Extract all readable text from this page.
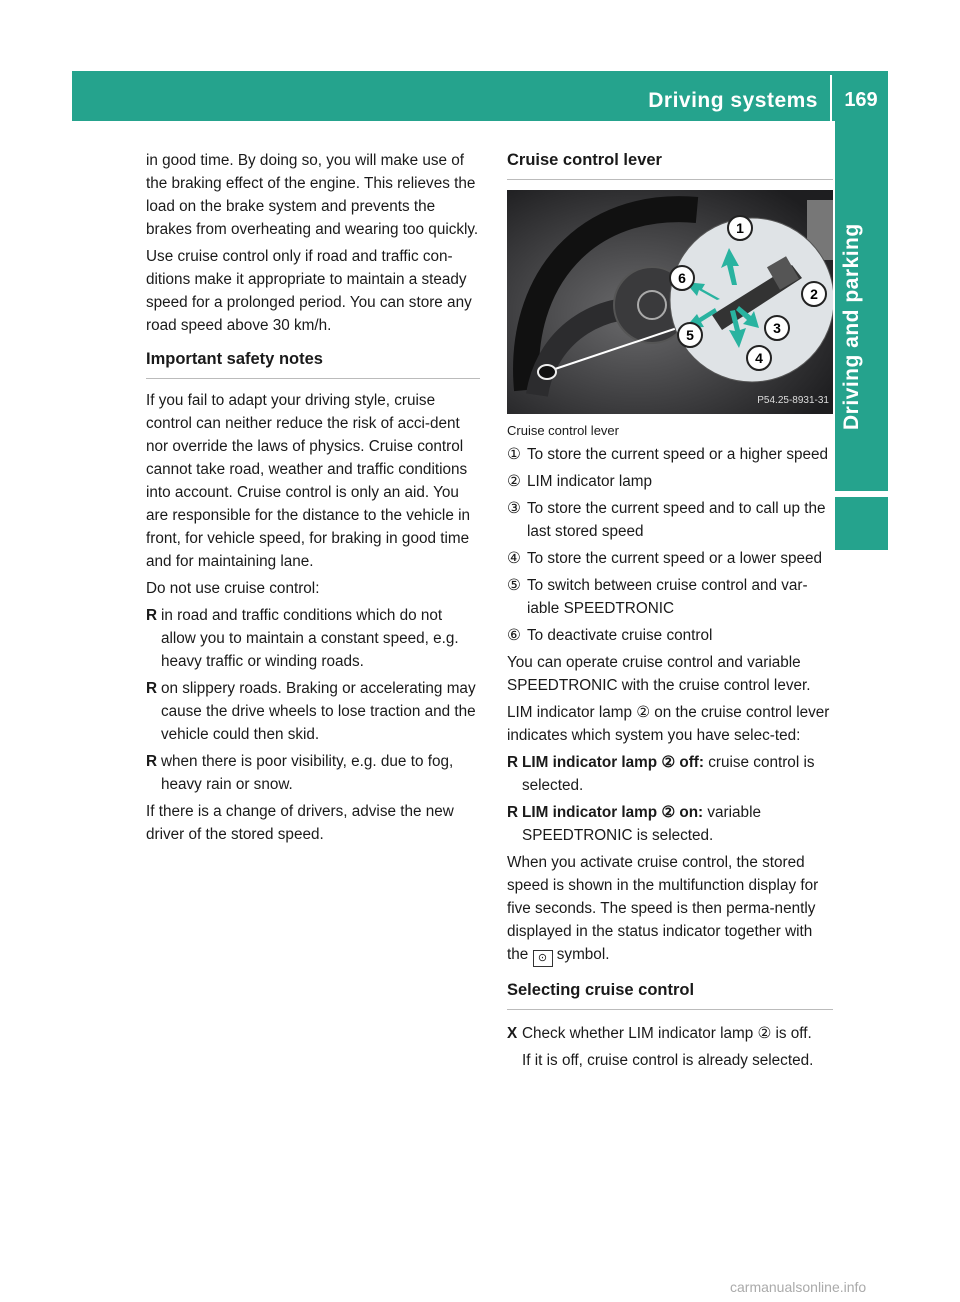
Driving systems	169
Driving and parking

in good time. By doing so, you will make use of the braking effect of the engine. This relieves the load on the brake system and prevents the brakes from overheating and wearing too quickly.

Use cruise control only if road and traffic con-ditions make it appropriate to maintain a steady speed for a prolonged period. You can store any road speed above 30 km/h.

Important safety notes

If you fail to adapt your driving style, cruise control can neither reduce the risk of acci-dent nor override the laws of physics. Cruise control cannot take road, weather and traffic conditions into account. Cruise control is only an aid. You are responsible for the distance to the vehicle in front, for vehicle speed, for braking in good time and for maintaining lane.

Do not use cruise control:

R in road and traffic conditions which do not allow you to maintain a constant speed, e.g. heavy traffic or winding roads.
R on slippery roads. Braking or accelerating may cause the drive wheels to lose traction and the vehicle could then skid.
R when there is poor visibility, e.g. due to fog, heavy rain or snow.

If there is a change of drivers, advise the new driver of the stored speed.

Cruise control lever
1
2
3
4
5
6
P54.25-8931-31
Cruise control lever
① To store the current speed or a higher speed
② LIM indicator lamp
③ To store the current speed and to call up the last stored speed
④ To store the current speed or a lower speed
⑤ To switch between cruise control and var-iable SPEEDTRONIC
⑥ To deactivate cruise control

You can operate cruise control and variable SPEEDTRONIC with the cruise control lever.

LIM indicator lamp ② on the cruise control lever indicates which system you have selec-ted:

R LIM indicator lamp ② off: cruise control is selected.
R LIM indicator lamp ② on: variable SPEEDTRONIC is selected.

When you activate cruise control, the stored speed is shown in the multifunction display for five seconds. The speed is then perma-nently displayed in the status indicator together with the ⊙ symbol.

Selecting cruise control
X Check whether LIM indicator lamp ② is off.

If it is off, cruise control is already selected.

carmanualsonline.info
